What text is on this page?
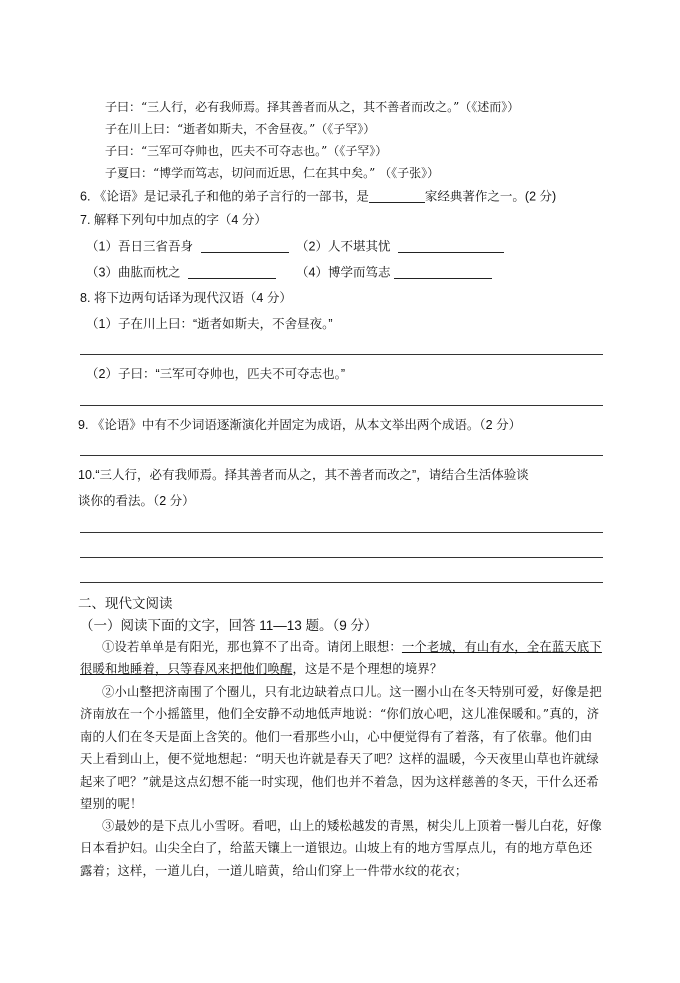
子曰：“三人行，必有我师焉。择其善者而从之，其不善者而改之。”（《述而》）
子在川上曰：“逝者如斯夫，不舍昼夜。”（《子罕》）
子曰：“三军可夺帅也，匹夫不可夺志也。”（《子罕》）
子夏曰：“博学而笃志，切问而近思，仁在其中矣。” （《子张》）
6. 《论语》是记录孔子和他的弟子言行的一部书，是	家经典著作之一。(2 分)
7. 解释下列句中加点的字（4 分）
（1）吾日三省吾身	（2）人不堪其忧
（3）曲肱而枕之	（4）博学而笃志
8. 将下边两句话译为现代汉语（4 分）
（1）子在川上曰：“逝者如斯夫，不舍昼夜。”
（2）子曰：“三军可夺帅也，匹夫不可夺志也。”
9. 《论语》中有不少词语逐渐演化并固定为成语，从本文举出两个成语。（2 分）
10.“三人行，必有我师焉。择其善者而从之，其不善者而改之”，请结合生活体验谈
谈你的看法。（2 分）
二、现代文阅读
（一）阅读下面的文字，回答 11—13 题。（9 分）
①设若单单是有阳光，那也算不了出奇。请闭上眼想：一个老城，有山有水，全在蓝天底下很暖和地睡着，只等春风来把他们唤醒，这是不是个理想的境界？
②小山整把济南围了个圈儿，只有北边缺着点口儿。这一圈小山在冬天特别可爱，好像是把济南放在一个小摇篮里，他们全安静不动地低声地说：“你们放心吧，这儿准保暖和。”真的，济南的人们在冬天是面上含笑的。他们一看那些小山，心中便觉得有了着落，有了依靠。他们由天上看到山上，便不觉地想起：“明天也许就是春天了吧？这样的温暖，今天夜里山草也许就绿起来了吧？”就是这点幻想不能一时实现，他们也并不着急，因为这样慈善的冬天，干什么还希望别的呢！
③最妙的是下点儿小雪呀。看吧，山上的矮松越发的青黑，树尖儿上顶着一髻儿白花，好像日本看护妇。山尖全白了，给蓝天镶上一道银边。山坡上有的地方雪厚点儿，有的地方草色还露着；这样，一道儿白，一道儿暗黄，给山们穿上一件带水纹的花衣；
